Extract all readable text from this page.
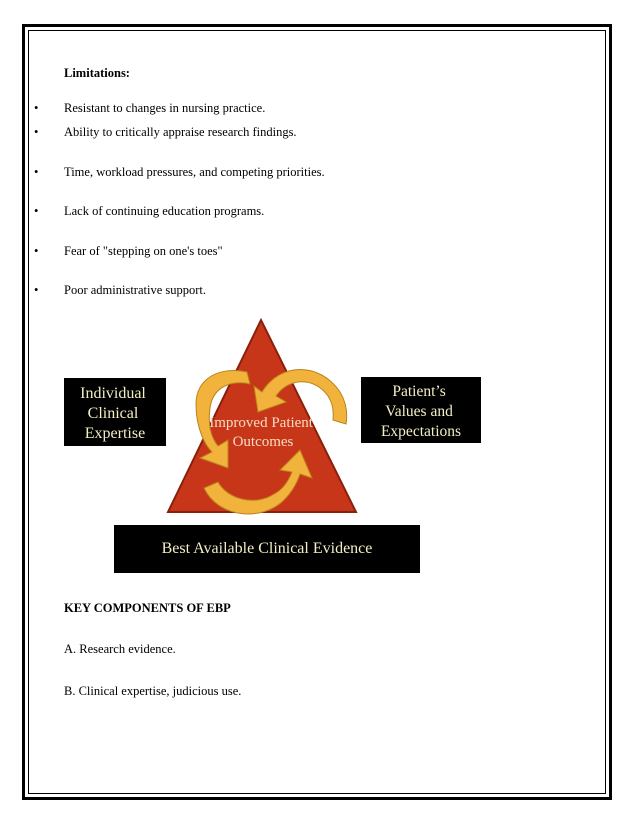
Limitations:
• Resistant to changes in nursing practice.
• Ability to critically appraise research findings.
• Time, workload pressures, and competing priorities.
• Lack of continuing education programs.
• Fear of "stepping on one's toes"
• Poor administrative support.
Individual Clinical Expertise
Patient’s Values and Expectations
Best Available Clinical Evidence
Improved Patient Outcomes
KEY COMPONENTS OF EBP
A. Research evidence.
B. Clinical expertise, judicious use.
